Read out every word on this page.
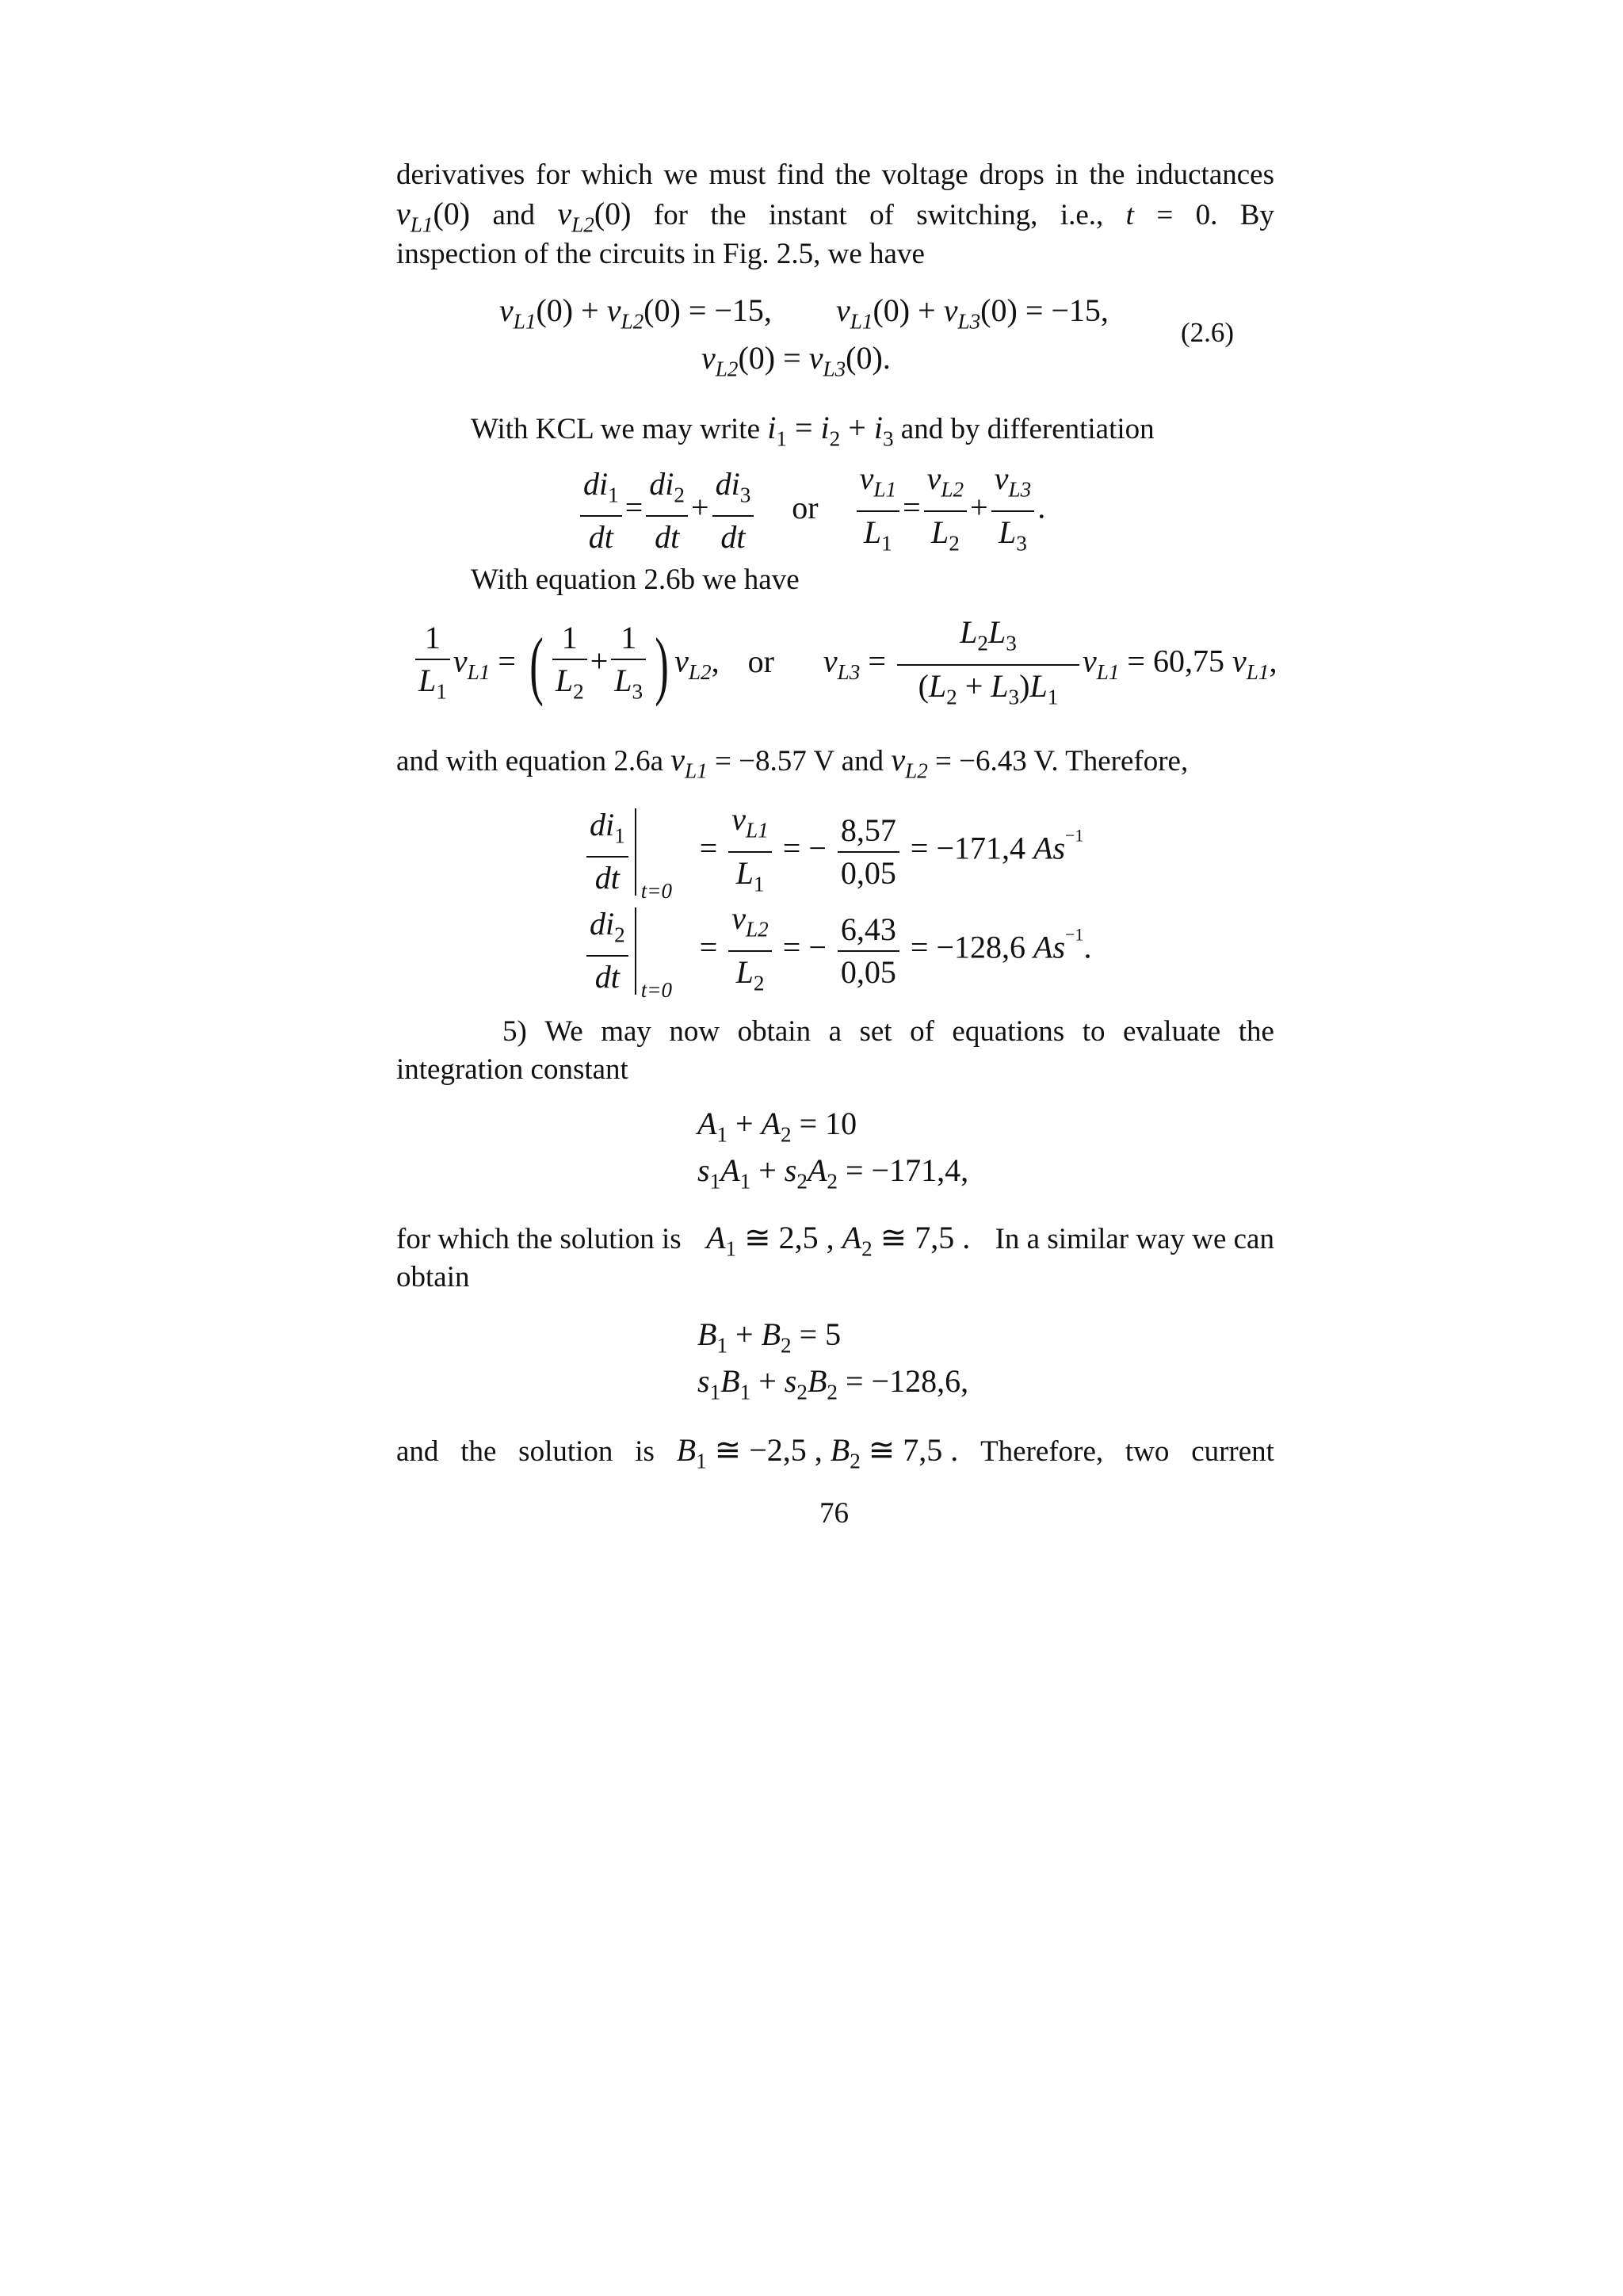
derivatives for which we must find the voltage drops in the inductances
$v_{L1}(0)$ and $v_{L2}(0)$ for the instant of switching, i.e., t = 0. By
inspection of the circuits in Fig. 2.5, we have
$v_{L1}(0) + v_{L2}(0) = -15$, $v_{L1}(0) + v_{L3}(0) = -15$,
$v_{L2}(0) = v_{L3}(0)$.
(2.6)
With KCL we may write $i_1 = i_2 + i_3$ and by differentiation
$\frac{di_1}{dt} = \frac{di_2}{dt} + \frac{di_3}{dt}$ or $\frac{v_{L1}}{L_1} = \frac{v_{L2}}{L_2} + \frac{v_{L3}}{L_3}$ .
With equation 2.6b we have
$\frac{1}{L_1} v_{L1}$ = ( $\frac{1}{L_2} + \frac{1}{L_3}$ ) $v_{L2}$, or $v_{L3} = \frac{L_2L_3}{(L_2 + L_3)L_1} v_{L1} = 60,75$ $v_{L1}$,
and with equation 2.6a $v_{L1} = -8.57$ V and $v_{L2} = -6.43$ V. Therefore,
$\frac{di_1}{dt} t=0$
= $\frac{v_{L1}}{L_1}$ = − $\frac{8,57}{0,05} = -171,4$ $As^{-1}$
$\frac{di_2}{dt} t=0$
= $\frac{v_{L2}}{L_2}$ = − $\frac{6,43}{0,05} = -128,6$ $As^{-1}$.
5) We may now obtain a set of equations to evaluate the
integration constant
$A_1 + A_2 = 10$
$s_1A_1 + s_2A_2 = -171,4$,
for which the solution is $A_1$ ≅ 2,5 , $A_2$ ≅ 7,5 . In a similar way we can
obtain
$B_1 + B_2 = 5$
$s_1B_1 + s_2B_2 = -128,6$,
and the solution is $B_1$ ≅ −2,5 , $B_2$ ≅ 7,5 . Therefore, two current
76
